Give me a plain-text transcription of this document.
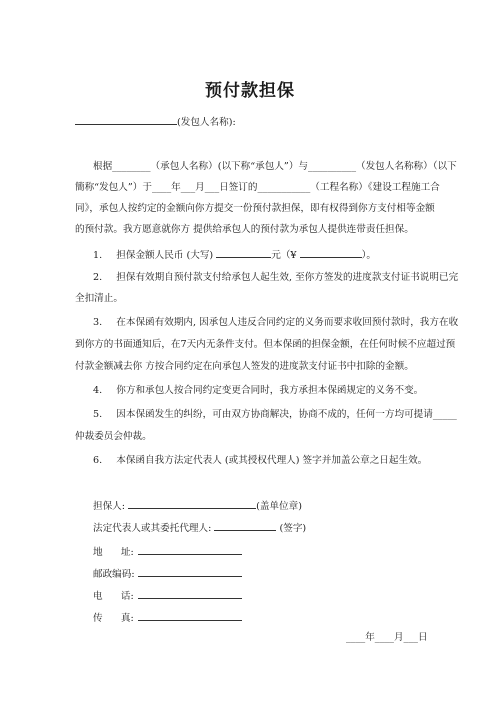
预付款担保
(发包人名称):
根据________（承包人名称）(以下称“承包人”）与__________（发包人名称称）（以下
簡称“发包人”）于____年___月___日签订的___________（工程名称）《建设工程施工合
同》，承包人按约定的金额向你方提交一份预付款担保，即有权得到你方支付相等金额
的预付款。我方愿意就你方 提供给承包人的预付款为承包人提供连带责任担保。
1. 担保金额人民币 (大写)	元（¥	）。
2. 担保有效期自预付款支付给承包人起生效, 至你方签发的进度款支付证书说明已完
全扣清止。
3. 在本保函有效期内, 因承包人违反合同约定的义务而要求收回预付款时，我方在收
到你方的书面通知后，在7天内无条件支付。但本保函的担保金额，在任何时候不应超过预
付款金额减去你 方按合同约定在向承包人签发的进度款支付证书中扣除的金额。
4. 你方和承包人按合同约定变更合同时，我方承担本保函规定的义务不变。
5. 因本保函发生的纠纷，可由双方协商解决，协商不成的，任何一方均可提请_____
仲裁委员会仲裁。
6. 本保函自我方法定代表人 (或其授权代理人) 签字并加盖公章之日起生效。
担保人:	(盖单位章)
法定代表人或其委托代理人:	(签字)
地      址:
邮政编码:
电      话:
传      真:
____年____月___日
